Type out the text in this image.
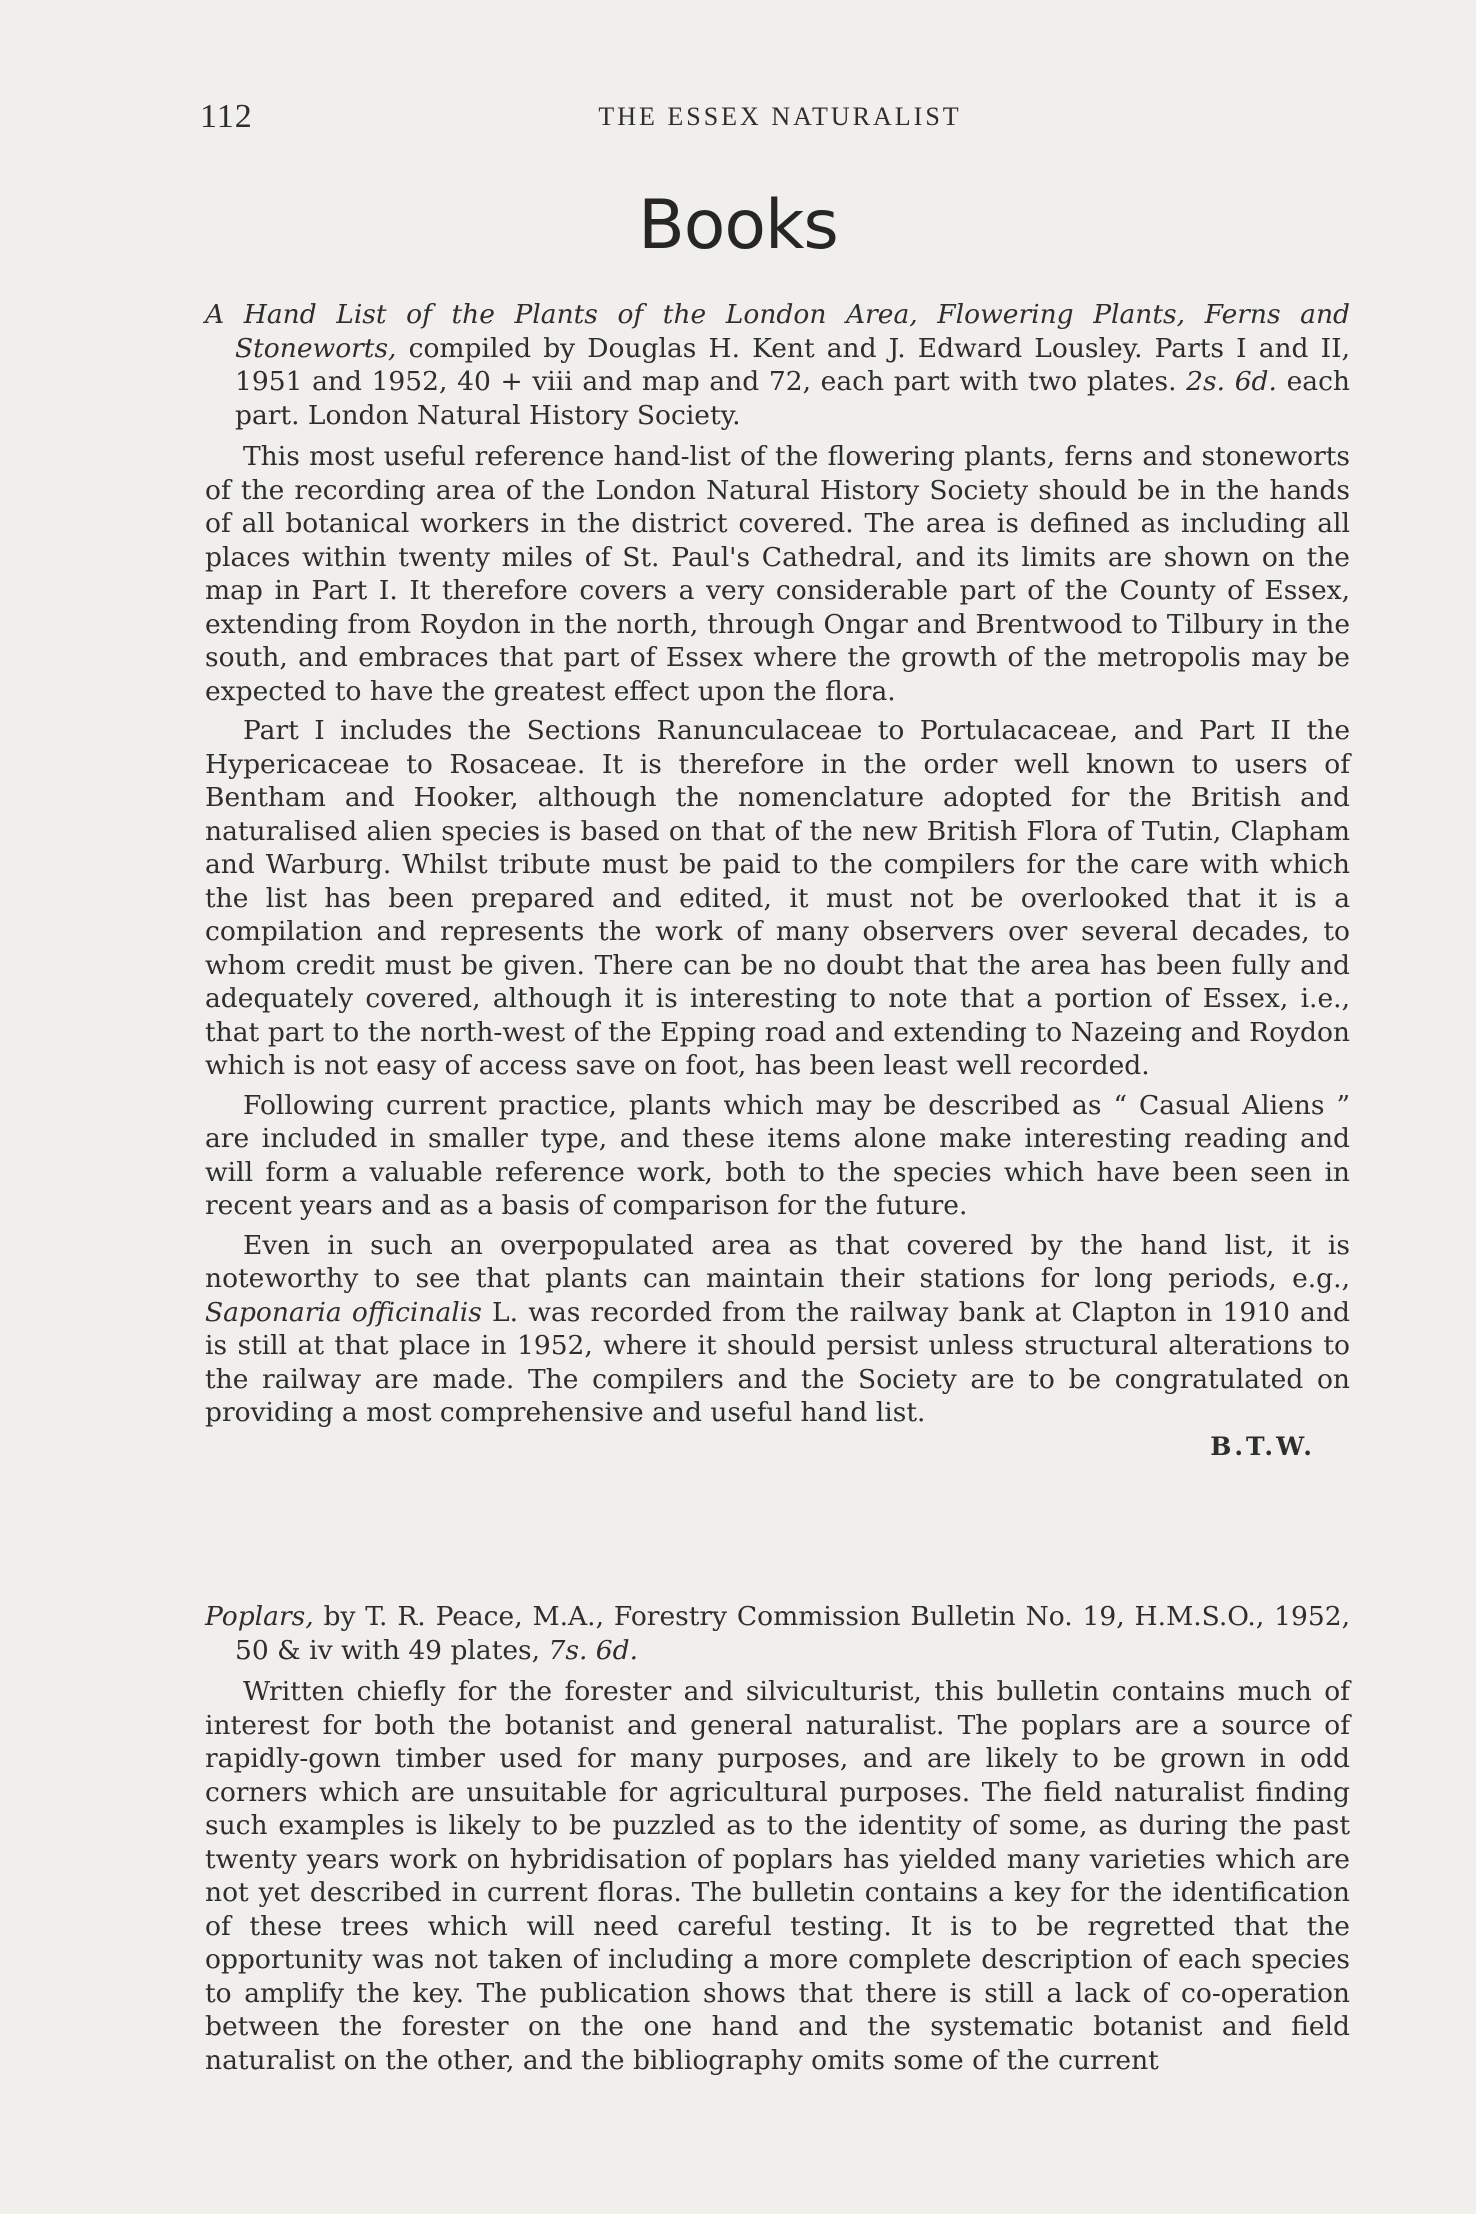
112	THE ESSEX NATURALIST
Books

A Hand List of the Plants of the London Area, Flowering Plants, Ferns and Stoneworts, compiled by Douglas H. Kent and J. Edward Lousley. Parts I and II, 1951 and 1952, 40 + viii and map and 72, each part with two plates. 2s. 6d. each part. London Natural History Society.

This most useful reference hand-list of the flowering plants, ferns and stoneworts of the recording area of the London Natural History Society should be in the hands of all botanical workers in the district covered. The area is defined as including all places within twenty miles of St. Paul's Cathedral, and its limits are shown on the map in Part I. It therefore covers a very considerable part of the County of Essex, extending from Roydon in the north, through Ongar and Brentwood to Tilbury in the south, and embraces that part of Essex where the growth of the metropolis may be expected to have the greatest effect upon the flora.

Part I includes the Sections Ranunculaceae to Portulacaceae, and Part II the Hypericaceae to Rosaceae. It is therefore in the order well known to users of Bentham and Hooker, although the nomenclature adopted for the British and naturalised alien species is based on that of the new British Flora of Tutin, Clapham and Warburg. Whilst tribute must be paid to the compilers for the care with which the list has been prepared and edited, it must not be overlooked that it is a compilation and represents the work of many observers over several decades, to whom credit must be given. There can be no doubt that the area has been fully and adequately covered, although it is interesting to note that a portion of Essex, i.e., that part to the north-west of the Epping road and extending to Nazeing and Roydon which is not easy of access save on foot, has been least well recorded.

Following current practice, plants which may be described as “ Casual Aliens ” are included in smaller type, and these items alone make interesting reading and will form a valuable reference work, both to the species which have been seen in recent years and as a basis of comparison for the future.

Even in such an overpopulated area as that covered by the hand list, it is noteworthy to see that plants can maintain their stations for long periods, e.g., Saponaria officinalis L. was recorded from the railway bank at Clapton in 1910 and is still at that place in 1952, where it should persist unless structural alterations to the railway are made. The compilers and the Society are to be congratulated on providing a most comprehensive and useful hand list.

B.T.W.

Poplars, by T. R. Peace, M.A., Forestry Commission Bulletin No. 19, H.M.S.O., 1952, 50 & iv with 49 plates, 7s. 6d.

Written chiefly for the forester and silviculturist, this bulletin contains much of interest for both the botanist and general naturalist. The poplars are a source of rapidly-gown timber used for many purposes, and are likely to be grown in odd corners which are unsuitable for agricultural purposes. The field naturalist finding such examples is likely to be puzzled as to the identity of some, as during the past twenty years work on hybridisation of poplars has yielded many varieties which are not yet described in current floras. The bulletin contains a key for the identification of these trees which will need careful testing. It is to be regretted that the opportunity was not taken of including a more complete description of each species to amplify the key. The publication shows that there is still a lack of co-operation between the forester on the one hand and the systematic botanist and field naturalist on the other, and the bibliography omits some of the current
